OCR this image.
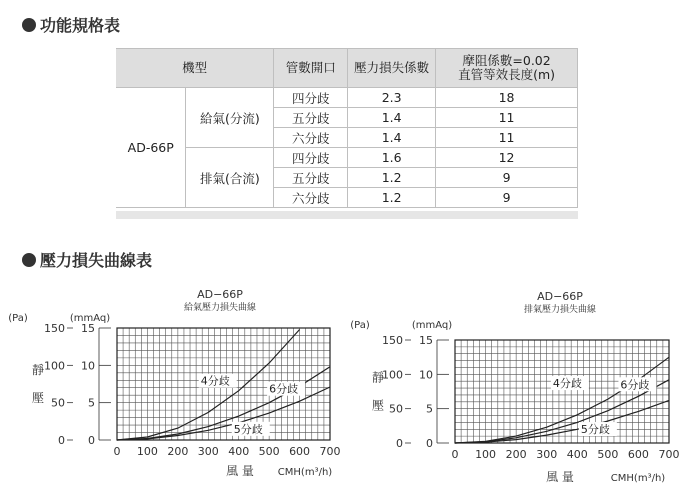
功能規格表
機型		管數開口	壓力損失係數	摩阻係數=0.02
直管等效長度(m)

AD-66P	給氣(分流)	四分歧	2.3	18
		五分歧	1.4	11
		六分歧	1.4	11
	排氣(合流)	四分歧	1.6	12
		五分歧	1.2	9
		六分歧	1.2	9
壓力損失曲線表
AD−66P
給氣壓力損失曲線
(Pa)	(mmAq)
靜
壓
0 100 200 300 400 500 600 700
0
5
10
15
0
50
100
150
風 量 CMH(m³/h)
4分歧
6分歧
5分歧
AD−66P
排氣壓力損失曲線
(Pa)	(mmAq)
靜
壓
0 100 200 300 400 500 600 700
0
5
10
15
0
50
100
150
風 量	CMH(m³/h)
4分歧	6分歧
5分歧
